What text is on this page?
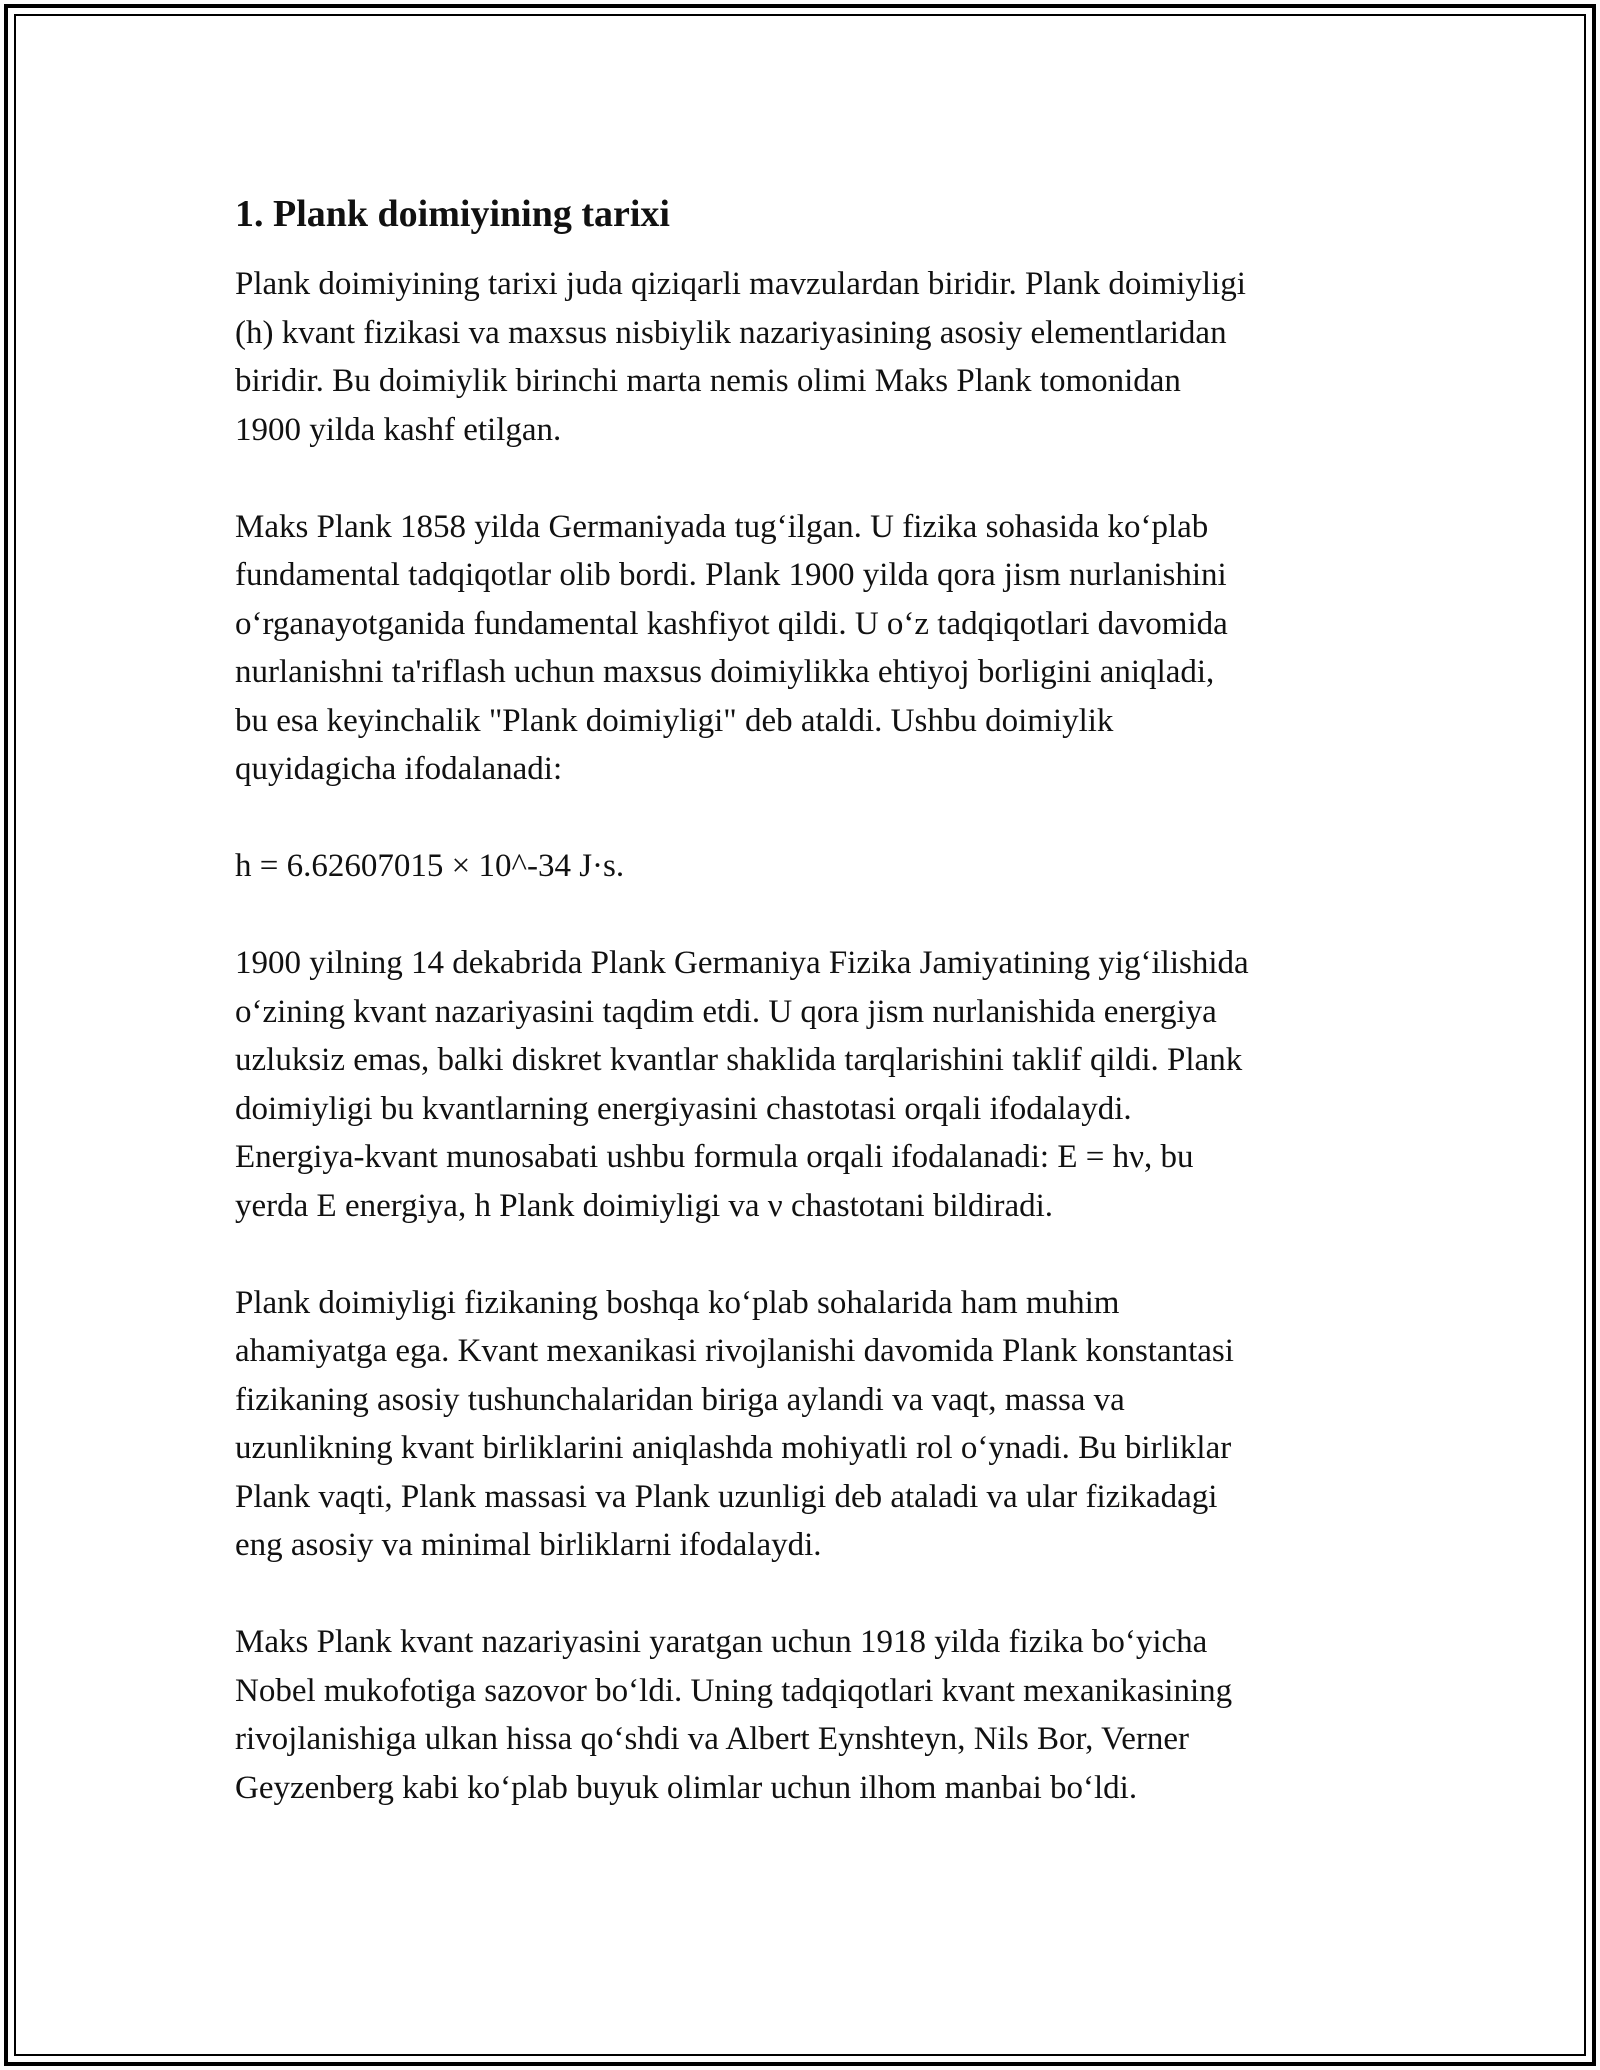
1. Plank doimiyining tarixi

Plank doimiyining tarixi juda qiziqarli mavzulardan biridir. Plank doimiyligi
(h) kvant fizikasi va maxsus nisbiylik nazariyasining asosiy elementlaridan
biridir. Bu doimiylik birinchi marta nemis olimi Maks Plank tomonidan
1900 yilda kashf etilgan.

Maks Plank 1858 yilda Germaniyada tugʻilgan. U fizika sohasida koʻplab
fundamental tadqiqotlar olib bordi. Plank 1900 yilda qora jism nurlanishini
oʻrganayotganida fundamental kashfiyot qildi. U oʻz tadqiqotlari davomida
nurlanishni ta'riflash uchun maxsus doimiylikka ehtiyoj borligini aniqladi,
bu esa keyinchalik "Plank doimiyligi" deb ataldi. Ushbu doimiylik
quyidagicha ifodalanadi:

h = 6.62607015 × 10^-34 J·s.

1900 yilning 14 dekabrida Plank Germaniya Fizika Jamiyatining yigʻilishida
oʻzining kvant nazariyasini taqdim etdi. U qora jism nurlanishida energiya
uzluksiz emas, balki diskret kvantlar shaklida tarqlarishini taklif qildi. Plank
doimiyligi bu kvantlarning energiyasini chastotasi orqali ifodalaydi.
Energiya-kvant munosabati ushbu formula orqali ifodalanadi: E = hν, bu
yerda E energiya, h Plank doimiyligi va ν chastotani bildiradi.

Plank doimiyligi fizikaning boshqa koʻplab sohalarida ham muhim
ahamiyatga ega. Kvant mexanikasi rivojlanishi davomida Plank konstantasi
fizikaning asosiy tushunchalaridan biriga aylandi va vaqt, massa va
uzunlikning kvant birliklarini aniqlashda mohiyatli rol oʻynadi. Bu birliklar
Plank vaqti, Plank massasi va Plank uzunligi deb ataladi va ular fizikadagi
eng asosiy va minimal birliklarni ifodalaydi.

Maks Plank kvant nazariyasini yaratgan uchun 1918 yilda fizika boʻyicha
Nobel mukofotiga sazovor boʻldi. Uning tadqiqotlari kvant mexanikasining
rivojlanishiga ulkan hissa qoʻshdi va Albert Eynshteyn, Nils Bor, Verner
Geyzenberg kabi koʻplab buyuk olimlar uchun ilhom manbai boʻldi.
